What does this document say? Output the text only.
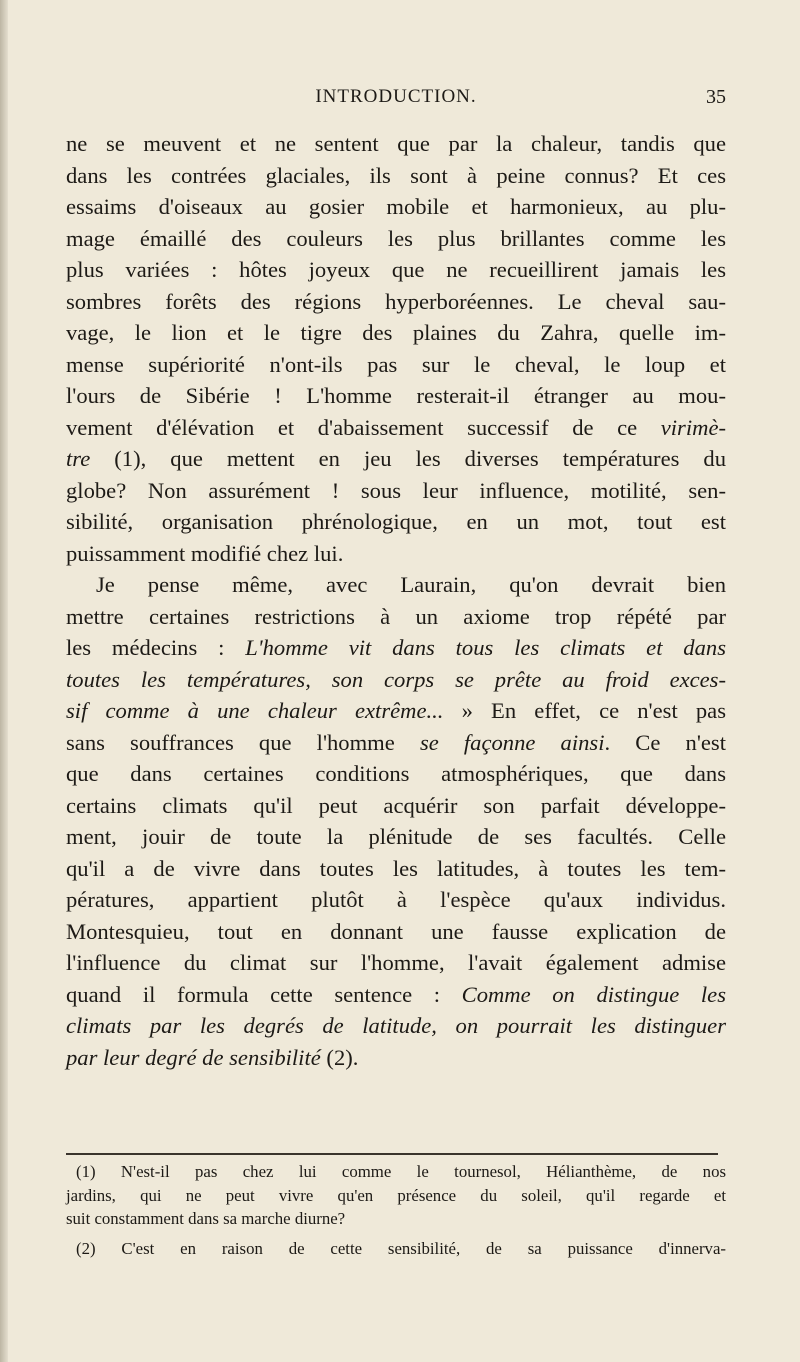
INTRODUCTION.	35
ne se meuvent et ne sentent que par la chaleur, tandis que
dans les contrées glaciales, ils sont à peine connus? Et ces
essaims d'oiseaux au gosier mobile et harmonieux, au plu-
mage émaillé des couleurs les plus brillantes comme les
plus variées : hôtes joyeux que ne recueillirent jamais les
sombres forêts des régions hyperboréennes. Le cheval sau-
vage, le lion et le tigre des plaines du Zahra, quelle im-
mense supériorité n'ont-ils pas sur le cheval, le loup et
l'ours de Sibérie ! L'homme resterait-il étranger au mou-
vement d'élévation et d'abaissement successif de ce virimè-
tre (1), que mettent en jeu les diverses températures du
globe? Non assurément ! sous leur influence, motilité, sen-
sibilité, organisation phrénologique, en un mot, tout est
puissamment modifié chez lui.
Je pense même, avec Laurain, qu'on devrait bien
mettre certaines restrictions à un axiome trop répété par
les médecins : L'homme vit dans tous les climats et dans
toutes les températures, son corps se prête au froid exces-
sif comme à une chaleur extrême... » En effet, ce n'est pas
sans souffrances que l'homme se façonne ainsi. Ce n'est
que dans certaines conditions atmosphériques, que dans
certains climats qu'il peut acquérir son parfait développe-
ment, jouir de toute la plénitude de ses facultés. Celle
qu'il a de vivre dans toutes les latitudes, à toutes les tem-
pératures, appartient plutôt à l'espèce qu'aux individus.
Montesquieu, tout en donnant une fausse explication de
l'influence du climat sur l'homme, l'avait également admise
quand il formula cette sentence : Comme on distingue les
climats par les degrés de latitude, on pourrait les distinguer
par leur degré de sensibilité (2).
(1) N'est-il pas chez lui comme le tournesol, Hélianthème, de nos
jardins, qui ne peut vivre qu'en présence du soleil, qu'il regarde et
suit constamment dans sa marche diurne?
(2) C'est en raison de cette sensibilité, de sa puissance d'innerva-
